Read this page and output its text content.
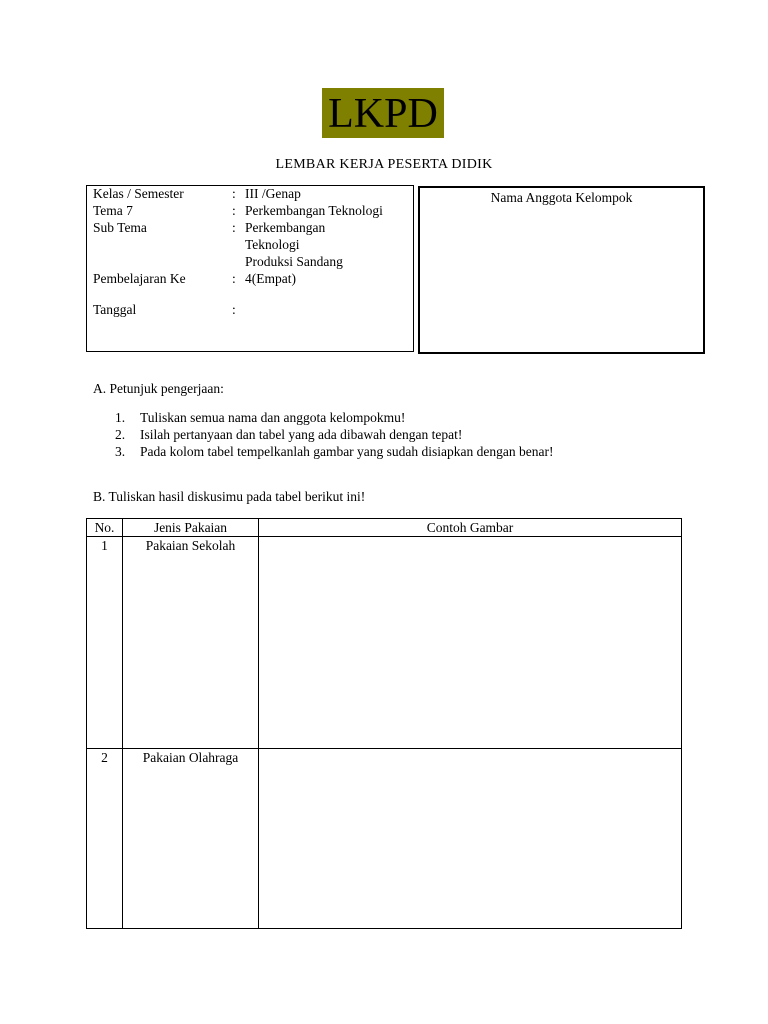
LKPD
LEMBAR KERJA PESERTA DIDIK
Kelas / Semester	: III /Genap
Tema 7	: Perkembangan Teknologi
Sub Tema	: Perkembangan
Teknologi
Produksi Sandang
Pembelajaran Ke	: 4(Empat)
Tanggal	:
Nama Anggota Kelompok
A. Petunjuk pengerjaan:
1. Tuliskan semua nama dan anggota kelompokmu!
2. Isilah pertanyaan dan tabel yang ada dibawah dengan tepat!
3. Pada kolom tabel tempelkanlah gambar yang sudah disiapkan dengan benar!
B. Tuliskan hasil diskusimu pada tabel berikut ini!
No.	Jenis Pakaian	Contoh Gambar

1	Pakaian Sekolah	

2	Pakaian Olahraga	
